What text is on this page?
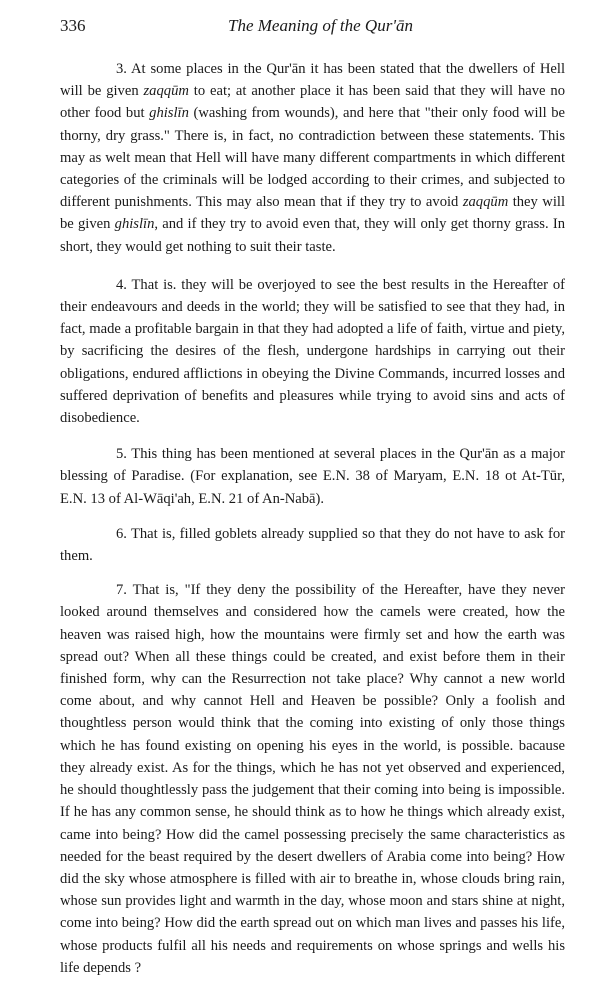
336	The Meaning of the Qur'ān

3. At some places in the Qur'ān it has been stated that the dwellers of Hell will be given zaqqūm to eat; at another place it has been said that they will have no other food but ghislīn (washing from wounds), and here that "their only food will be thorny, dry grass." There is, in fact, no contradiction between these statements. This may as welt mean that Hell will have many different compartments in which different categories of the criminals will be lodged according to their crimes, and subjected to different punishments. This may also mean that if they try to avoid zaqqūm they will be given ghislīn, and if they try to avoid even that, they will only get thorny grass. In short, they would get nothing to suit their taste.

4. That is. they will be overjoyed to see the best results in the Hereafter of their endeavours and deeds in the world; they will be satisfied to see that they had, in fact, made a profitable bargain in that they had adopted a life of faith, virtue and piety, by sacrificing the desires of the flesh, undergone hardships in carrying out their obligations, endured afflictions in obeying the Divine Commands, incurred losses and suffered deprivation of benefits and pleasures while trying to avoid sins and acts of disobedience.

5. This thing has been mentioned at several places in the Qur'ān as a major blessing of Paradise. (For explanation, see E.N. 38 of Maryam, E.N. 18 ot At-Tūr, E.N. 13 of Al-Wāqi'ah, E.N. 21 of An-Nabā).

6. That is, filled goblets already supplied so that they do not have to ask for them.

7. That is, "If they deny the possibility of the Hereafter, have they never looked around themselves and considered how the camels were created, how the heaven was raised high, how the mountains were firmly set and how the earth was spread out? When all these things could be created, and exist before them in their finished form, why can the Resurrection not take place? Why cannot a new world come about, and why cannot Hell and Heaven be possible? Only a foolish and thoughtless person would think that the coming into existing of only those things which he has found existing on opening his eyes in the world, is possible. bacause they already exist. As for the things, which he has not yet observed and experienced, he should thoughtlessly pass the judgement that their coming into being is impossible. If he has any common sense, he should think as to how he things which already exist, came into being? How did the camel possessing precisely the same characteristics as needed for the beast required by the desert dwellers of Arabia come into being? How did the sky whose atmosphere is filled with air to breathe in, whose clouds bring rain, whose sun provides light and warmth in the day, whose moon and stars shine at night, come into being? How did the earth spread out on which man lives and passes his life, whose products fulfil all his needs and requirements on whose springs and wells his life depends ?
